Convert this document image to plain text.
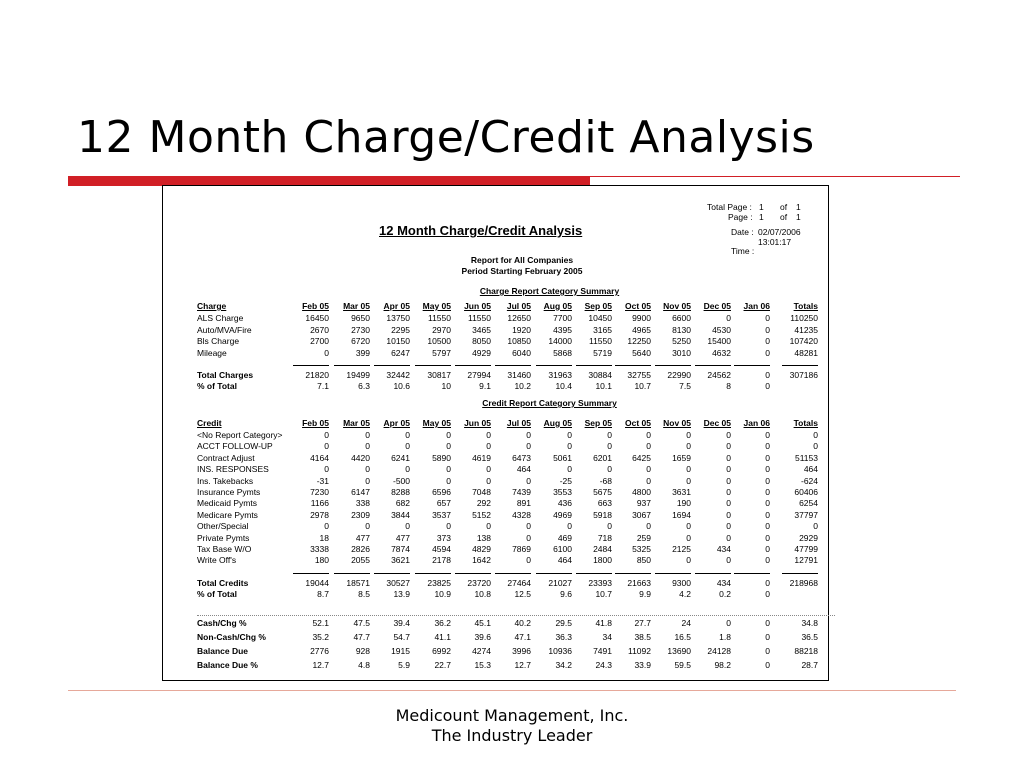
12 Month Charge/Credit Analysis
Total Page : 1 of 1
Page : 1 of 1
Date : 02/07/2006
13:01:17
Time :
12 Month Charge/Credit Analysis
Report for All Companies
Period Starting February 2005
Charge Report Category Summary
Credit Report Category Summary
Charge	Feb 05 Mar 05 Apr 05 May 05 Jun 05 Jul 05 Aug 05 Sep 05 Oct 05 Nov 05 Dec 05 Jan 06	Totals
ALS Charge	16450	9650 13750 11550 11550 12650	7700 10450 9900 6600	0	0 110250
Auto/MVA/Fire	2670	2730 2295	2970 3465 1920	4395 3165 4965 8130 4530	0	41235
Bls Charge	2700	6720 10150 10500 8050 10850 14000 11550 12250 5250 15400	0 107420
Mileage	0	399 6247	5797 4929 6040	5868 5719 5640 3010 4632	0	48281
Total Charges	21820 19499 32442 30817 27994 31460 31963 30884 32755 22990 24562	0 307186
% of Total	7.1	6.3	10.6	10	9.1	10.2	10.4	10.1	10.7	7.5	8	0
Credit	Feb 05 Mar 05 Apr 05 May 05 Jun 05 Jul 05 Aug 05 Sep 05 Oct 05 Nov 05 Dec 05 Jan 06	Totals
<No Report Category>	0	0	0	0	0	0	0	0	0	0	0	0	0
ACCT FOLLOW-UP	0	0	0	0	0	0	0	0	0	0	0	0	0
Contract Adjust	4164	4420 6241	5890 4619 6473	5061 6201 6425 1659	0	0	51153
INS. RESPONSES	0	0	0	0	0	464	0	0	0	0	0	0	464
Ins. Takebacks	-31	0	-500	0	0	0	-25	-68	0	0	0	0	-624
Insurance Pymts	7230	6147 8288	6596 7048 7439	3553 5675 4800 3631	0	0	60406
Medicaid Pymts	1166	338	682	657	292	891	436	663	937	190	0	0	6254
Medicare Pymts	2978	2309 3844	3537 5152 4328	4969 5918 3067 1694	0	0	37797
Other/Special	0	0	0	0	0	0	0	0	0	0	0	0	0
Private Pymts	18	477	477	373	138	0	469	718	259	0	0	0	2929
Tax Base W/O	3338	2826 7874	4594 4829 7869	6100 2484 5325 2125	434	0	47799
Write Off's	180	2055 3621	2178 1642	0	464 1800	850	0	0	0	12791
Total Credits	19044 18571 30527 23825 23720 27464 21027 23393 21663 9300	434	0 218968
% of Total	8.7	8.5	13.9	10.9	10.8	12.5	9.6	10.7	9.9	4.2	0.2	0
Cash/Chg %	52.1	47.5	39.4	36.2	45.1	40.2	29.5	41.8	27.7	24	0	0	34.8
Non-Cash/Chg %	35.2	47.7	54.7	41.1	39.6	47.1	36.3	34	38.5	16.5	1.8	0	36.5
Balance Due	2776	928 1915	6992 4274 3996 10936 7491 11092 13690 24128	0	88218
Balance Due %	12.7	4.8	5.9	22.7	15.3	12.7	34.2	24.3	33.9	59.5	98.2	0	28.7
Medicount Management, Inc.
The Industry Leader
